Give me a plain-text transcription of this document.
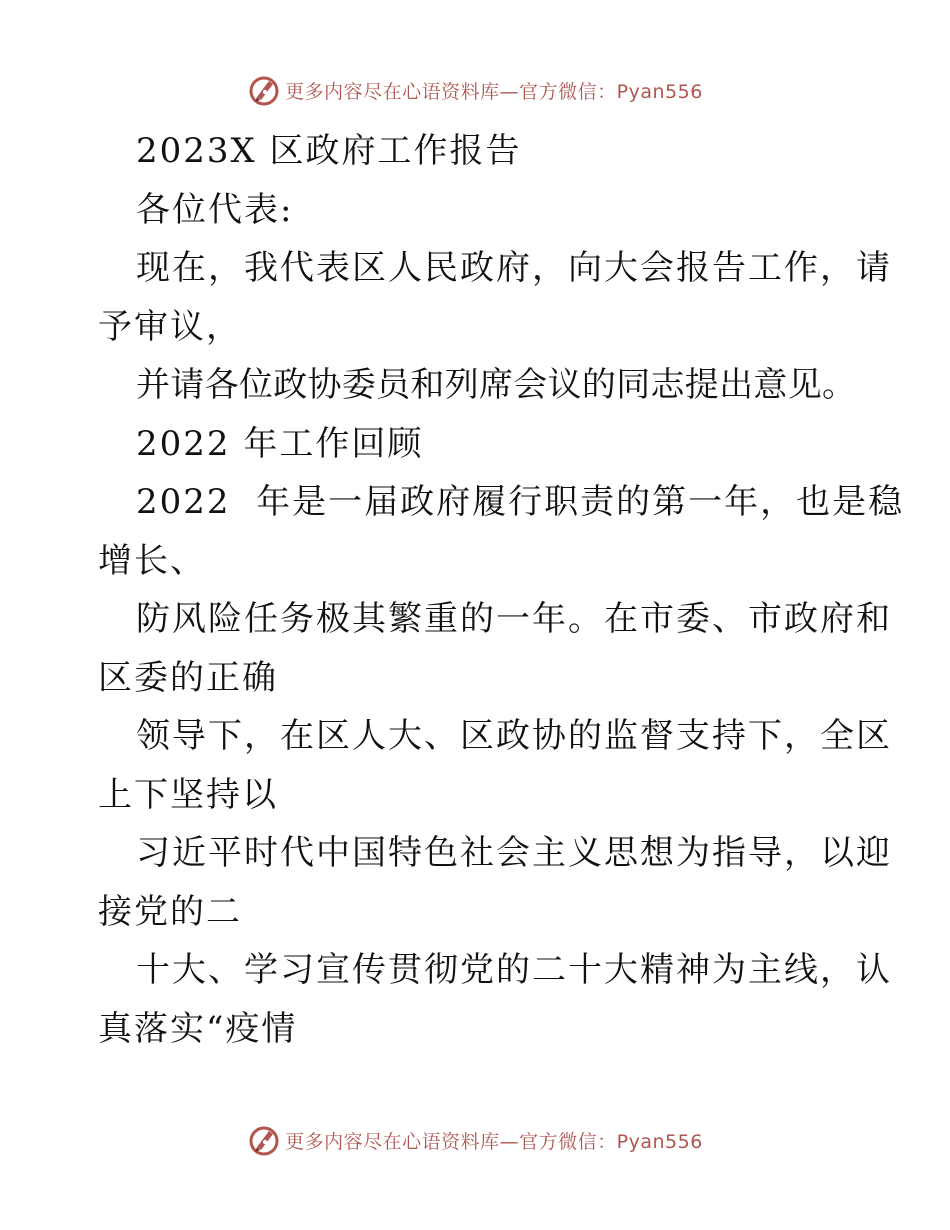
更多内容尽在心语资料库—官方微信：Pyan556
2023X 区政府工作报告
各位代表:
现在，我代表区人民政府，向大会报告工作，请
予审议，
并请各位政协委员和列席会议的同志提出意见。
2022 年工作回顾
2022  年是一届政府履行职责的第一年，也是稳
增长、
防风险任务极其繁重的一年。在市委、市政府和
区委的正确
领导下，在区人大、区政协的监督支持下，全区
上下坚持以
习近平时代中国特色社会主义思想为指导，以迎
接党的二
十大、学习宣传贯彻党的二十大精神为主线，认
真落实“疫情
更多内容尽在心语资料库—官方微信：Pyan556
